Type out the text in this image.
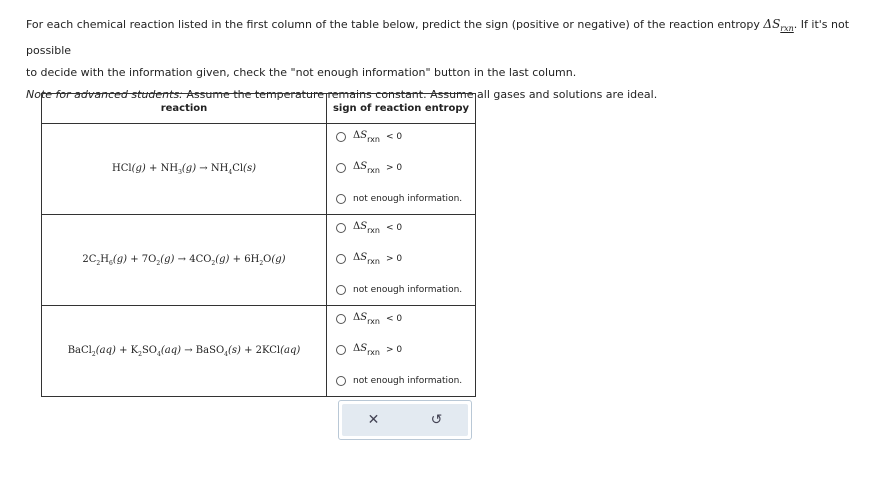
For each chemical reaction listed in the first column of the table below, predict the sign (positive or negative) of the reaction entropy $\Delta S_{rxn}$. If it's not possible

to decide with the information given, check the "not enough information" button in the last column.

Note for advanced students: Assume the temperature remains constant. Assume all gases and solutions are ideal.

reaction	sign of reaction entropy
$HCl(g) + NH_3(g) \to NH_4Cl(s)$	$\Delta S_{rxn} < 0$
$\Delta S_{rxn} > 0$
not enough information.

$2C_2H_6(g) + 7O_2(g) \to 4CO_2(g) + 6H_2O(g)$	$\Delta S_{rxn} < 0$
$\Delta S_{rxn} > 0$
not enough information.

BaCl$_2$(aq) + $K_2SO_4(aq)$ → BaSO$_4$(s) + 2KCl(aq)	$\Delta S_{rxn} < 0$
$\Delta S_{rxn} > 0$
not enough information.
✕	↺
